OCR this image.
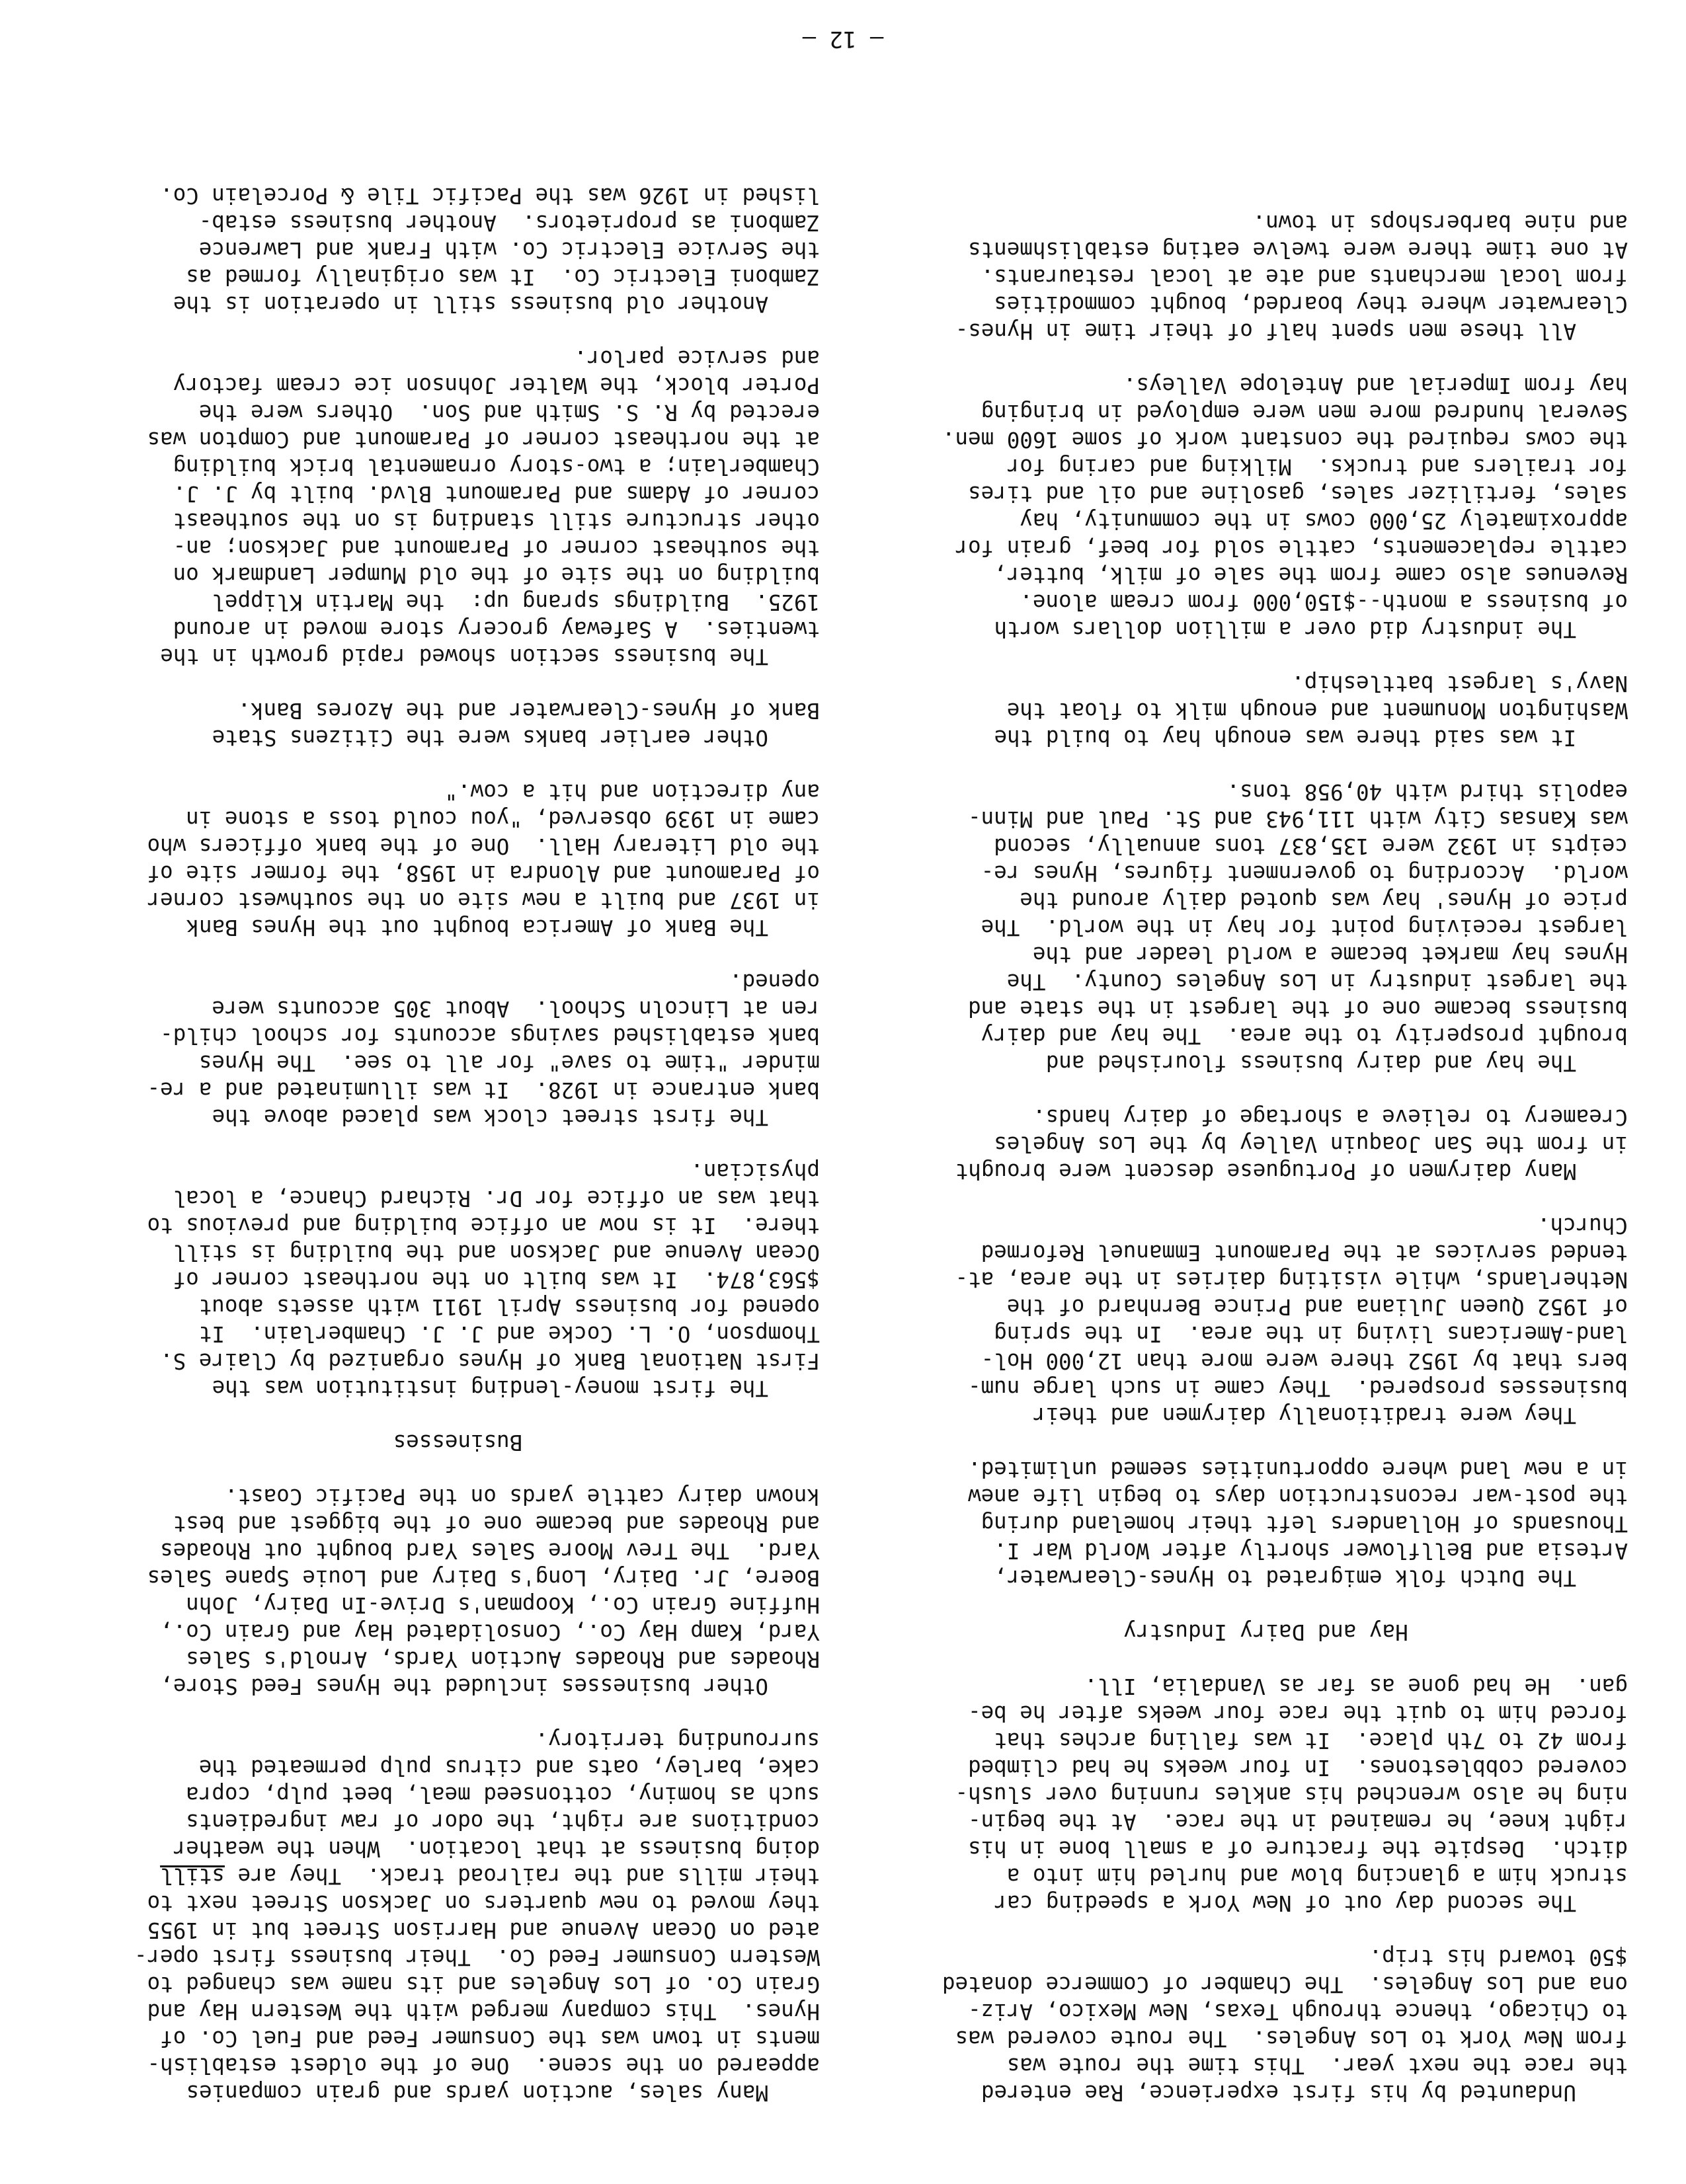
— 12 —
Undaunted by his first experience, Rae entered
the race the next year.  This time the route was
from New York to Los Angeles.  The route covered was
to Chicago, thence through Texas, New Mexico, Ariz-
ona and Los Angeles.  The Chamber of Commerce donated
$50 toward his trip.
The second day out of New York a speeding car
struck him a glancing blow and hurled him into a
ditch.  Despite the fracture of a small bone in his
right knee, he remained in the race.  At the begin-
ning he also wrenched his ankles running over slush-
covered cobblestones.  In four weeks he had climbed
from 42 to 7th place.  It was falling arches that
forced him to quit the race four weeks after he be-
gan.  He had gone as far as Vandalia, Ill.
Hay and Dairy Industry
The Dutch folk emigrated to Hynes-Clearwater,
Artesia and Bellflower shortly after World War I.
Thousands of Hollanders left their homeland during
the post-war reconstruction days to begin life anew
in a new land where opportunities seemed unlimited.
They were traditionally dairymen and their
businesses prospered.  They came in such large num-
bers that by 1952 there were more than 12,000 Hol-
land-Americans living in the area.  In the spring
of 1952 Queen Juliana and Prince Bernhard of the
Netherlands, while visiting dairies in the area, at-
tended services at the Paramount Emmanuel Reformed
Church.
Many dairymen of Portuguese descent were brought
in from the San Joaquin Valley by the Los Angeles
Creamery to relieve a shortage of dairy hands.
The hay and dairy business flourished and
brought prosperity to the area.  The hay and dairy
business became one of the largest in the state and
the largest industry in Los Angeles County.  The
Hynes hay market became a world leader and the
largest receiving point for hay in the world.  The
price of Hynes' hay was quoted daily around the
world.  According to government figures, Hynes re-
ceipts in 1932 were 135,837 tons annually, second
was Kansas City with 111,943 and St. Paul and Minn-
eapolis third with 40,958 tons.
It was said there was enough hay to build the
Washington Monument and enough milk to float the
Navy's largest battleship.
The industry did over a million dollars worth
of business a month--$150,000 from cream alone.
Revenues also came from the sale of milk, butter,
cattle replacements, cattle sold for beef, grain for
approximately 25,000 cows in the community, hay
sales, fertilizer sales, gasoline and oil and tires
for trailers and trucks.  Milking and caring for
the cows required the constant work of some 1600 men.
Several hundred more men were employed in bringing
hay from Imperial and Antelope Valleys.
All these men spent half of their time in Hynes-
Clearwater where they boarded, bought commodities
from local merchants and ate at local restaurants.
At one time there were twelve eating establishments
and nine barbershops in town.
Many sales, auction yards and grain companies
appeared on the scene.  One of the oldest establish-
ments in town was the Consumer Feed and Fuel Co. of
Hynes.  This company merged with the Western Hay and
Grain Co. of Los Angeles and its name was changed to
Western Consumer Feed Co.  Their business first oper-
ated on Ocean Avenue and Harrison Street but in 1955
they moved to new quarters on Jackson Street next to
their mills and the railroad track.  They are still
doing business at that location.  When the weather
conditions are right, the odor of raw ingredients
such as hominy, cottonseed meal, beet pulp, copra
cake, barley, oats and citrus pulp permeated the
surrounding territory.
Other businesses included the Hynes Feed Store,
Rhoades and Rhoades Auction Yards, Arnold's Sales
Yard, Kamp Hay Co., Consolidated Hay and Grain Co.,
Huffine Grain Co., Koopman's Drive-In Dairy, John
Boere, Jr. Dairy, Long's Dairy and Louie Spane Sales
Yard.  The Trev Moore Sales Yard bought out Rhoades
and Rhoades and became one of the biggest and best
known dairy cattle yards on the Pacific Coast.
Businesses
The first money-lending institution was the
First National Bank of Hynes organized by Claire S.
Thompson, O. L. Cocke and J. J. Chamberlain.  It
opened for business April 1911 with assets about
$563,874.  It was built on the northeast corner of
Ocean Avenue and Jackson and the building is still
there.  It is now an office building and previous to
that was an office for Dr. Richard Chance, a local
physician.
The first street clock was placed above the
bank entrance in 1928.  It was illuminated and a re-
minder "time to save" for all to see.  The Hynes
bank established savings accounts for school child-
ren at Lincoln School.  About 305 accounts were
opened.
The Bank of America bought out the Hynes Bank
in 1937 and built a new site on the southwest corner
of Paramount and Alondra in 1958, the former site of
the old Literary Hall.  One of the bank officers who
came in 1939 observed, "you could toss a stone in
any direction and hit a cow."
Other earlier banks were the Citizens State
Bank of Hynes-Clearwater and the Azores Bank.
The business section showed rapid growth in the
twenties.  A Safeway grocery store moved in around
1925.  Buildings sprang up:  the Martin Klippel
building on the site of the old Mumper Landmark on
the southeast corner of Paramount and Jackson; an-
other structure still standing is on the southeast
corner of Adams and Paramount Blvd. built by J. J.
Chamberlain; a two-story ornamental brick building
at the northeast corner of Paramount and Compton was
erected by R. S. Smith and Son.  Others were the
Porter block, the Walter Johnson ice cream factory
and service parlor.
Another old business still in operation is the
Zamboni Electric Co.  It was originally formed as
the Service Electric Co. with Frank and Lawrence
Zamboni as proprietors.  Another business estab-
lished in 1926 was the Pacific Tile & Porcelain Co.
